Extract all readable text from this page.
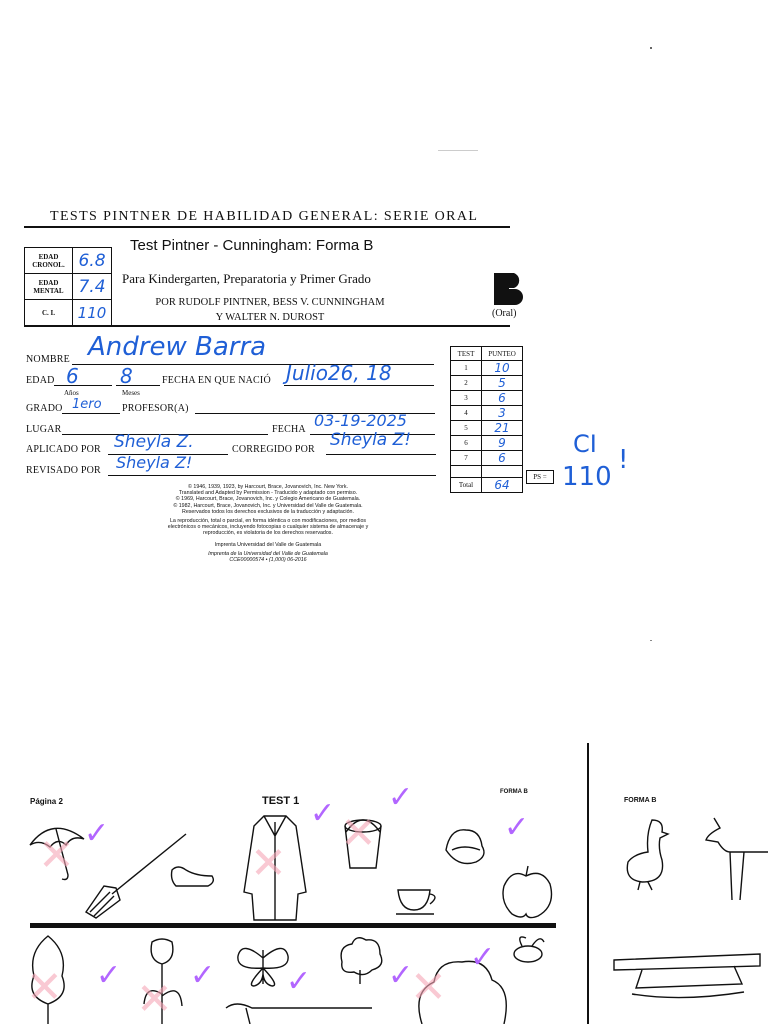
TESTS PINTNER DE HABILIDAD GENERAL: SERIE ORAL
EDAD CRONOL.	6.8
EDAD MENTAL	7.4
C. I.	110
Test Pintner - Cunningham: Forma B
Para Kindergarten, Preparatoria y Primer Grado
POR RUDOLF PINTNER, BESS V. CUNNINGHAM
Y WALTER N. DUROST	(Oral)
NOMBRE Andrew Barra
EDAD 6 8
Años	Meses
FECHA EN QUE NACIÓ Julio26, 18
GRADO 1ero PROFESOR(A)
LUGAR	FECHA 03-19-2025
APLICADO POR Sheyla Z.	CORREGIDO POR Sheyla Z!
REVISADO POR Sheyla Z!
TEST	PUNTEO
1	10
2	5
3	6
4	3
5	21
6	9
7	6

Total	64
PS =
CI
110
!
© 1946, 1939, 1923, by Harcourt, Brace, Jovanovich, Inc. New York.
Translated and Adapted by Permission - Traducido y adaptado con permiso.
© 1969, Harcourt, Brace, Jovanovich, Inc. y Colegio Americano de Guatemala.
© 1982, Harcourt, Brace, Jovanovich, Inc. y Universidad del Valle de Guatemala.
Reservados todos los derechos exclusivos de la traducción y adaptación.
La reproducción, total o parcial, en forma idéntica o con modificaciones, por medios
electrónicos o mecánicos, incluyendo fotocopias o cualquier sistema de almacenaje y
reproducción, es violatoria de los derechos reservados.
Imprenta Universidad del Valle de Guatemala
Imprenta de la Universidad del Valle de Guatemala
CCE00000574 • (1,000) 06-2016
Página 2	TEST 1
FORMA B
FORMA B
✕	✕
✕
✕ ✕	✕
✓
✓ ✓
✓
✓ ✓ ✓	✓
✓
